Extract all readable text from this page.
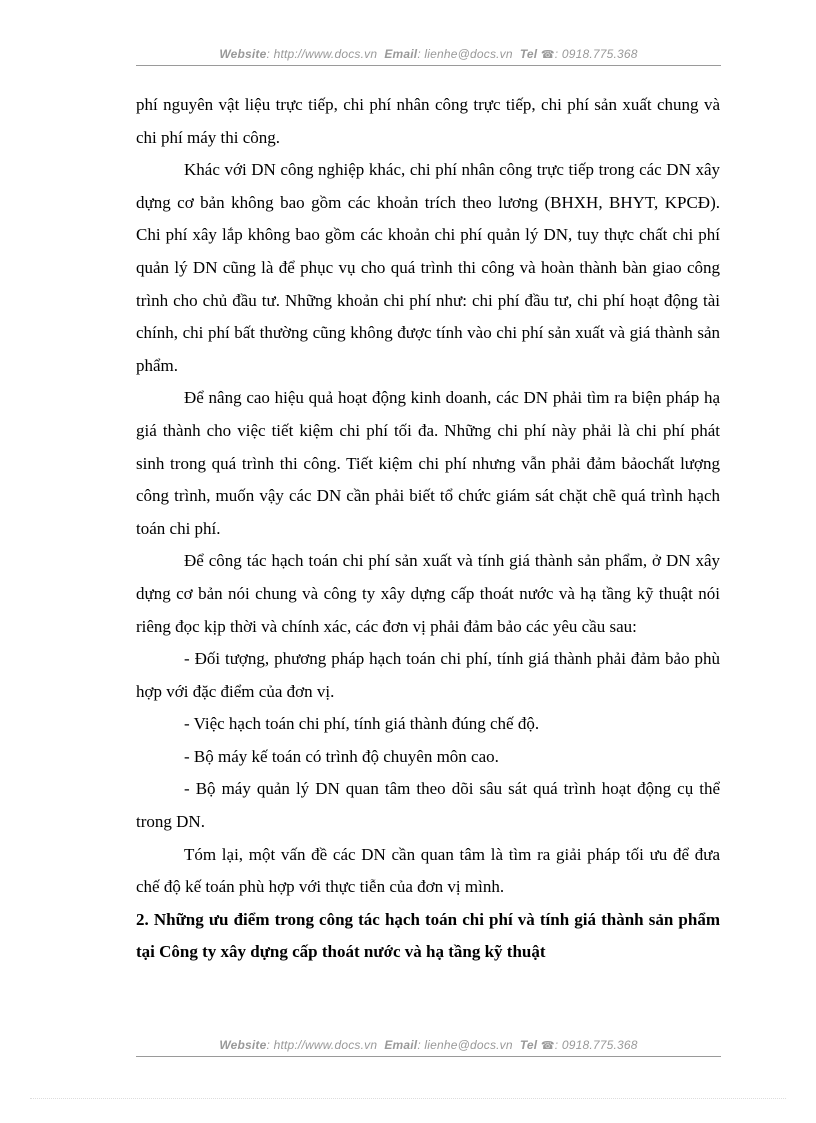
Website: http://www.docs.vn Email: lienhe@docs.vn Tel ☎: 0918.775.368

phí nguyên vật liệu trực tiếp, chi phí nhân công trực tiếp, chi phí sản xuất chung và chi phí máy thi công.

Khác với DN công nghiệp khác, chi phí nhân công trực tiếp trong các DN xây dựng cơ bản không bao gồm các khoản trích theo lương (BHXH, BHYT, KPCĐ). Chi phí xây lắp không bao gồm các khoản chi phí quản lý DN, tuy thực chất chi phí quản lý DN cũng là để phục vụ cho quá trình thi công và hoàn thành bàn giao công trình cho chủ đầu tư. Những khoản chi phí như: chi phí đầu tư, chi phí hoạt động tài chính, chi phí bất thường cũng không được tính vào chi phí sản xuất và giá thành sản phẩm.

Để nâng cao hiệu quả hoạt động kinh doanh, các DN phải tìm ra biện pháp hạ giá thành cho việc tiết kiệm chi phí tối đa. Những chi phí này phải là chi phí phát sinh trong quá trình thi công. Tiết kiệm chi phí nhưng vẫn phải đảm bảochất lượng công trình, muốn vậy các DN cần phải biết tổ chức giám sát chặt chẽ quá trình hạch toán chi phí.

Để công tác hạch toán chi phí sản xuất và tính giá thành sản phẩm, ở DN xây dựng cơ bản nói chung và công ty xây dựng cấp thoát nước và hạ tầng kỹ thuật nói riêng đọc kịp thời và chính xác, các đơn vị phải đảm bảo các yêu cầu sau:

- Đối tượng, phương pháp hạch toán chi phí, tính giá thành phải đảm bảo phù hợp với đặc điểm của đơn vị.

- Việc hạch toán chi phí, tính giá thành đúng chế độ.

- Bộ máy kế toán có trình độ chuyên môn cao.

- Bộ máy quản lý DN quan tâm theo dõi sâu sát quá trình hoạt động cụ thể trong DN.

Tóm lại, một vấn đề các DN cần quan tâm là tìm ra giải pháp tối ưu để đưa chế độ kế toán phù hợp với thực tiễn của đơn vị mình.

2. Những ưu điểm trong công tác hạch toán chi phí và tính giá thành sản phẩm tại Công ty xây dựng cấp thoát nước và hạ tầng kỹ thuật

Website: http://www.docs.vn Email: lienhe@docs.vn Tel ☎: 0918.775.368
